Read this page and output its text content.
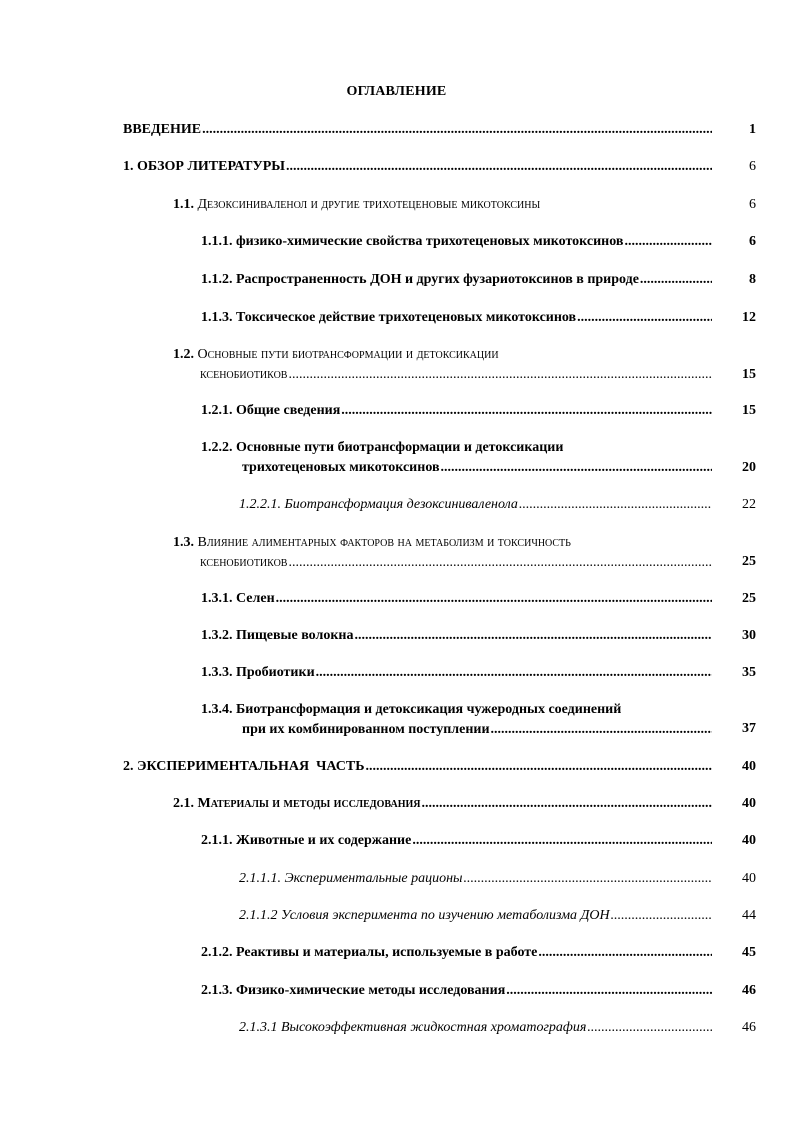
ОГЛАВЛЕНИЕ
ВВЕДЕНИЕ .....	1
1. ОБЗОР ЛИТЕРАТУРЫ .....	6
1.1. Дезоксиниваленол и другие трихотеценовые микотоксины	6
1.1.1. физико-химические свойства трихотеценовых микотоксинов .....	6
1.1.2. Распространенность ДОН и других фузариотоксинов в природе .....	8
1.1.3. Токсическое действие трихотеценовых микотоксинов .....	12
1.2. Основные пути биотрансформации и детоксикации
ксенобиотиков .....	15
1.2.1. Общие сведения .....	15
1.2.2. Основные пути биотрансформации и детоксикации
трихотеценовых микотоксинов .....	20
1.2.2.1. Биотрансформация дезоксиниваленола .....	22
1.3. Влияние алиментарных факторов на метаболизм и токсичность
ксенобиотиков .....	25
1.3.1. Селен .....	25
1.3.2. Пищевые волокна .....	30
1.3.3. Пробиотики .....	35
1.3.4. Биотрансформация и детоксикация чужеродных соединений
при их комбинированном поступлении .....	37
2. ЭКСПЕРИМЕНТАЛЬНАЯ  ЧАСТЬ .....	40
2.1. Материалы и методы исследования .....	40
2.1.1. Животные и их содержание .....	40
2.1.1.1. Экспериментальные рационы .....	40
2.1.1.2 Условия эксперимента по изучению метаболизма ДОН .....	44
2.1.2. Реактивы и материалы, используемые в работе .....	45
2.1.3. Физико-химические методы исследования .....	46
2.1.3.1 Высокоэффективная жидкостная хроматография .....	46
